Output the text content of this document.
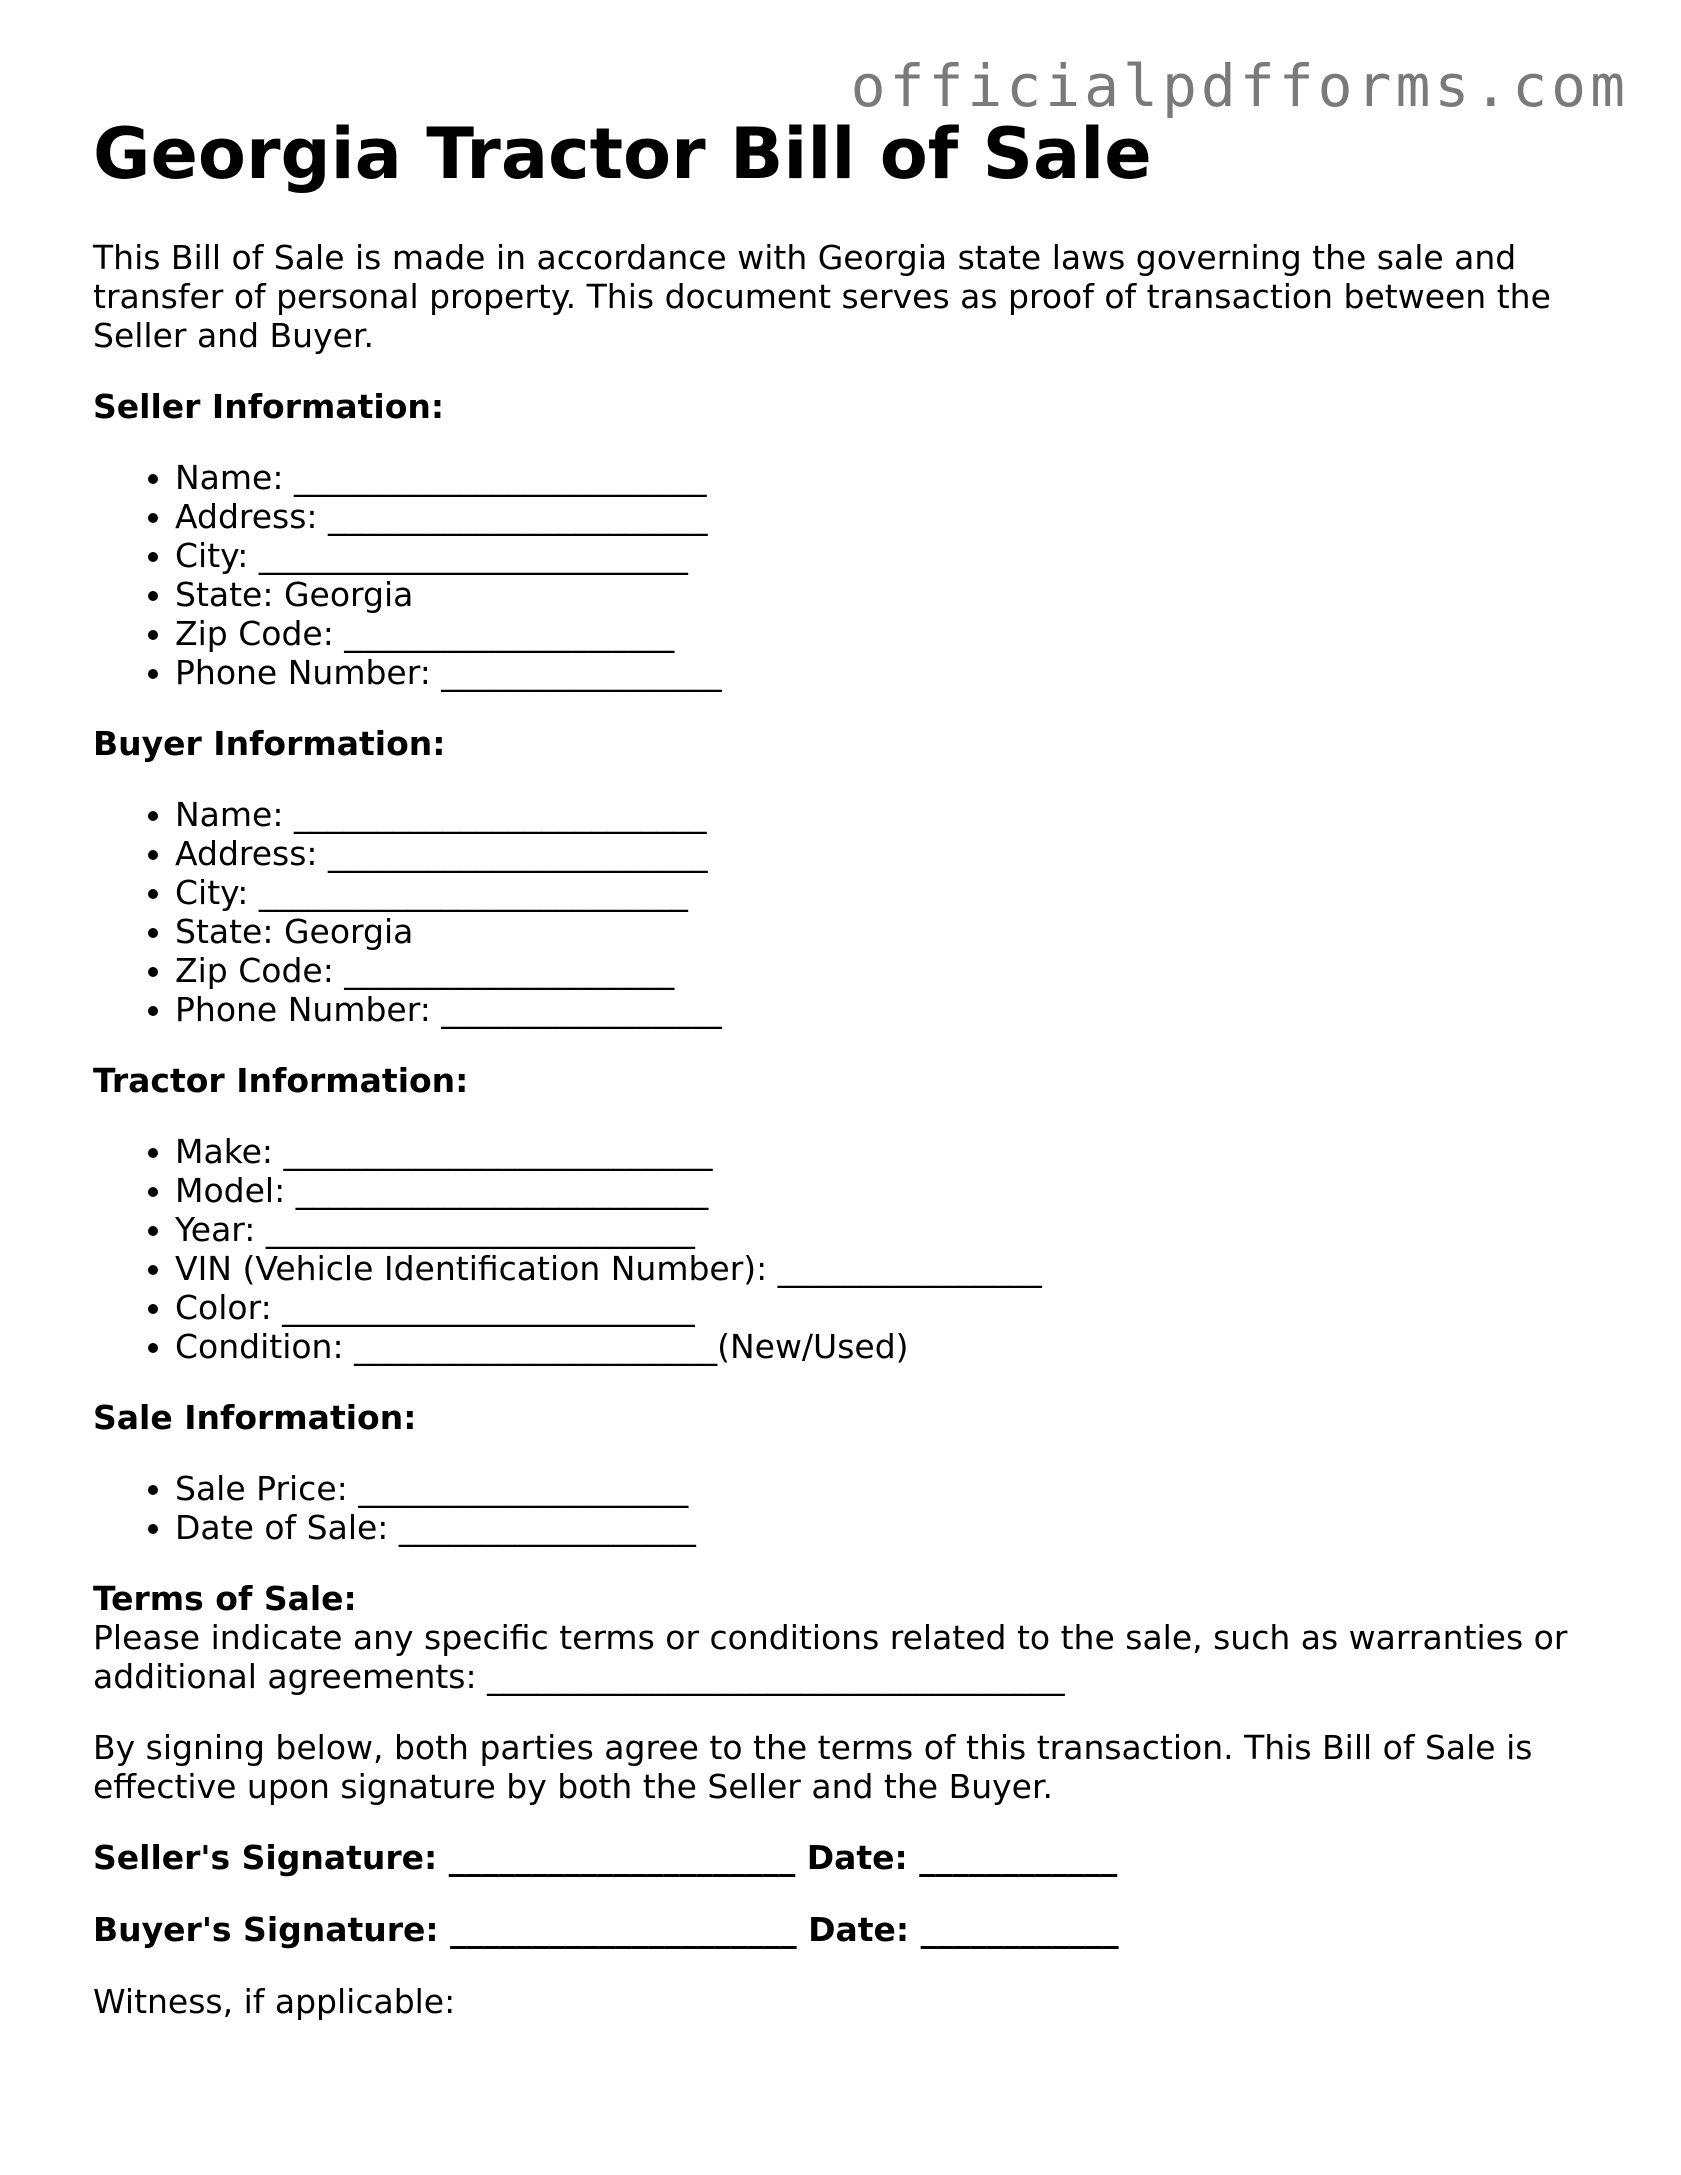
officialpdfforms.com
Georgia Tractor Bill of Sale

This Bill of Sale is made in accordance with Georgia state laws governing the sale and transfer of personal property. This document serves as proof of transaction between the Seller and Buyer.

Seller Information:
• Name: _________________________
• Address: _______________________
• City: __________________________
• State: Georgia
• Zip Code: ____________________
• Phone Number: _________________
Buyer Information:
• Name: _________________________
• Address: _______________________
• City: __________________________
• State: Georgia
• Zip Code: ____________________
• Phone Number: _________________
Tractor Information:
• Make: __________________________
• Model: _________________________
• Year: __________________________
• VIN (Vehicle Identification Number): ________________
• Color: _________________________
• Condition: ______________________(New/Used)
Sale Information:
• Sale Price: ____________________
• Date of Sale: __________________

Terms of Sale:

Please indicate any specific terms or conditions related to the sale, such as warranties or additional agreements: ___________________________________

By signing below, both parties agree to the terms of this transaction. This Bill of Sale is effective upon signature by both the Seller and the Buyer.

Seller's Signature: _____________________ Date: ____________

Buyer's Signature: _____________________ Date: ____________

Witness, if applicable:
